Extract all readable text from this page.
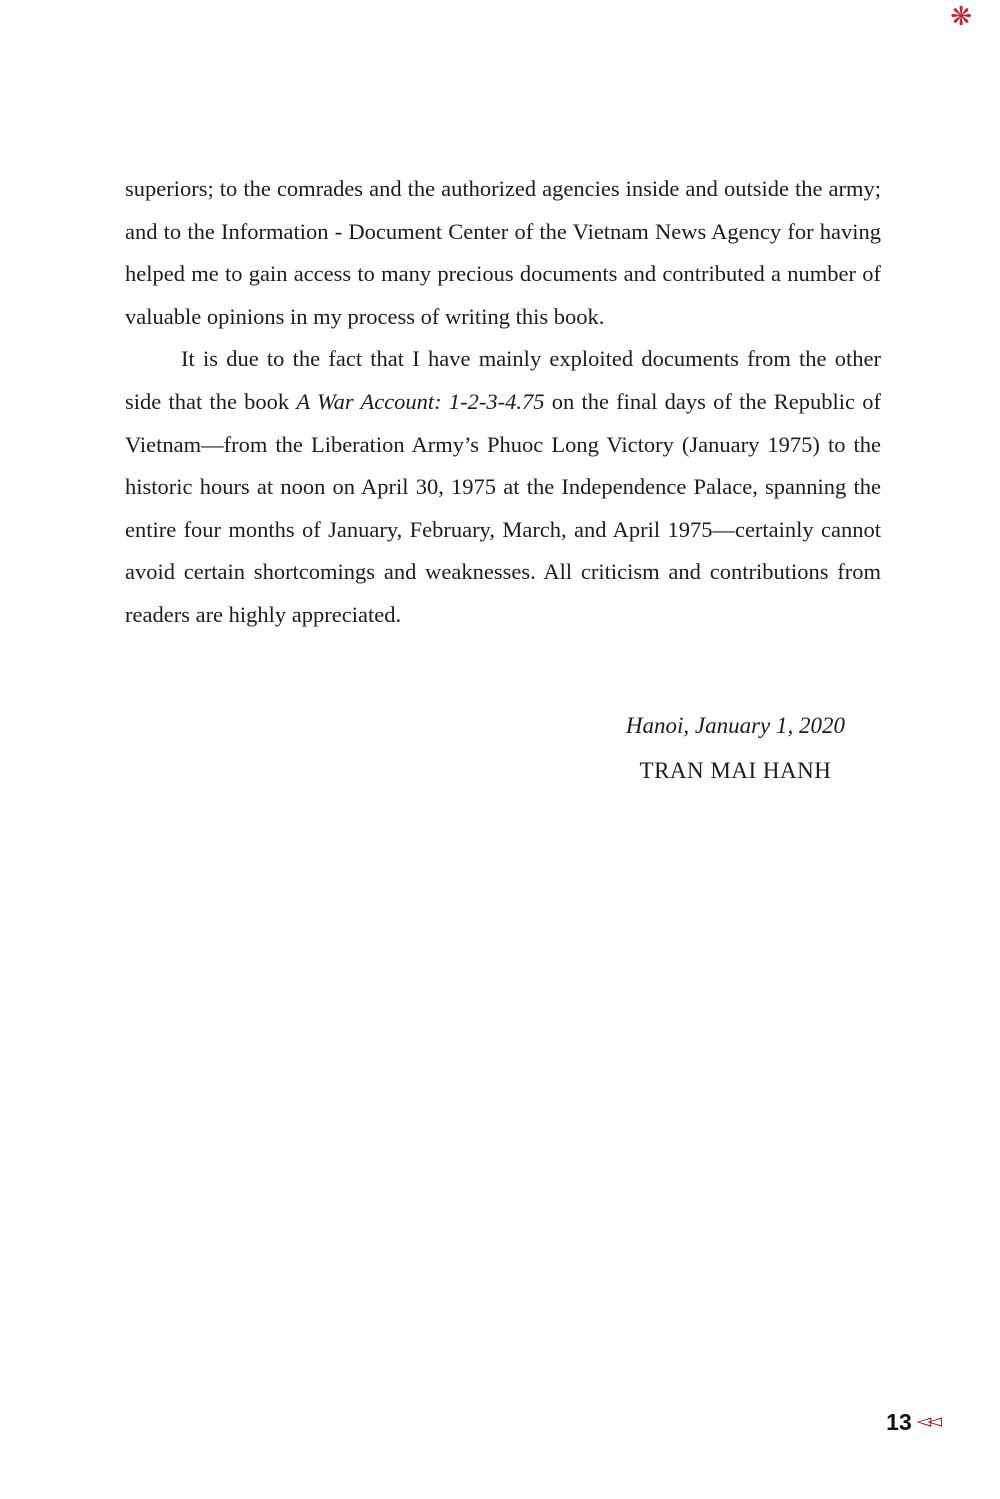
❋

superiors; to the comrades and the authorized agencies inside and outside the army; and to the Information - Document Center of the Vietnam News Agency for having helped me to gain access to many precious documents and contributed a number of valuable opinions in my process of writing this book.

It is due to the fact that I have mainly exploited documents from the other side that the book A War Account: 1-2-3-4.75 on the final days of the Republic of Vietnam—from the Liberation Army’s Phuoc Long Victory (January 1975) to the historic hours at noon on April 30, 1975 at the Independence Palace, spanning the entire four months of January, February, March, and April 1975—certainly cannot avoid certain shortcomings and weaknesses. All criticism and contributions from readers are highly appreciated.

Hanoi, January 1, 2020
TRAN MAI HANH
13 ◅◅
